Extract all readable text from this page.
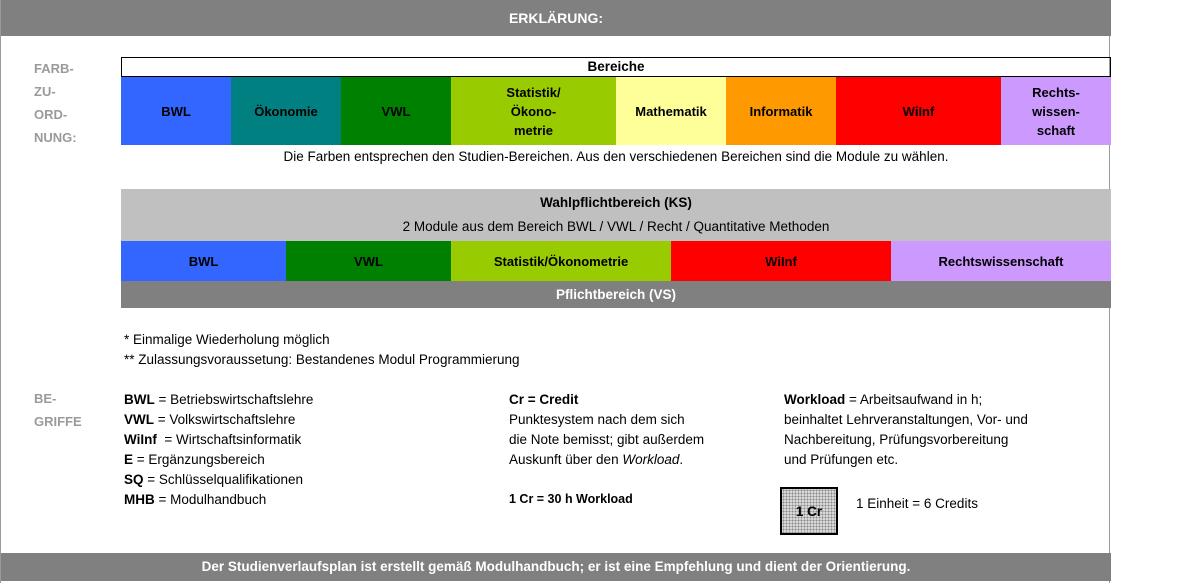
ERKLÄRUNG:
FARB-
ZU-
ORD-
NUNG:
Bereiche
BWL	Ökonomie	VWL
Statistik/ Ökono- metrie
Mathematik	Informatik	WiInf
Rechts- wissen- schaft
Die Farben entsprechen den Studien-Bereichen. Aus den verschiedenen Bereichen sind die Module zu wählen.
Wahlpflichtbereich (KS)
2 Module aus dem Bereich BWL / VWL / Recht / Quantitative Methoden
BWL	VWL	Statistik/Ökonometrie	WiInf	Rechtswissenschaft
Pflichtbereich (VS)
* Einmalige Wiederholung möglich
** Zulassungsvoraussetung: Bestandenes Modul Programmierung
BE-
GRIFFE
BWL = Betriebswirtschaftslehre
VWL = Volkswirtschaftslehre
WiInf  = Wirtschaftsinformatik
E = Ergänzungsbereich
SQ = Schlüsselqualifikationen
MHB = Modulhandbuch
Cr = Credit
Punktesystem nach dem sich
die Note bemisst; gibt außerdem
Auskunft über den Workload.
1 Cr = 30 h Workload
Workload = Arbeitsaufwand in h;
beinhaltet Lehrveranstaltungen, Vor- und
Nachbereitung, Prüfungsvorbereitung
und Prüfungen etc.
1 Cr	1 Einheit = 6 Credits
Der Studienverlaufsplan ist erstellt gemäß Modulhandbuch; er ist eine Empfehlung und dient der Orientierung.
